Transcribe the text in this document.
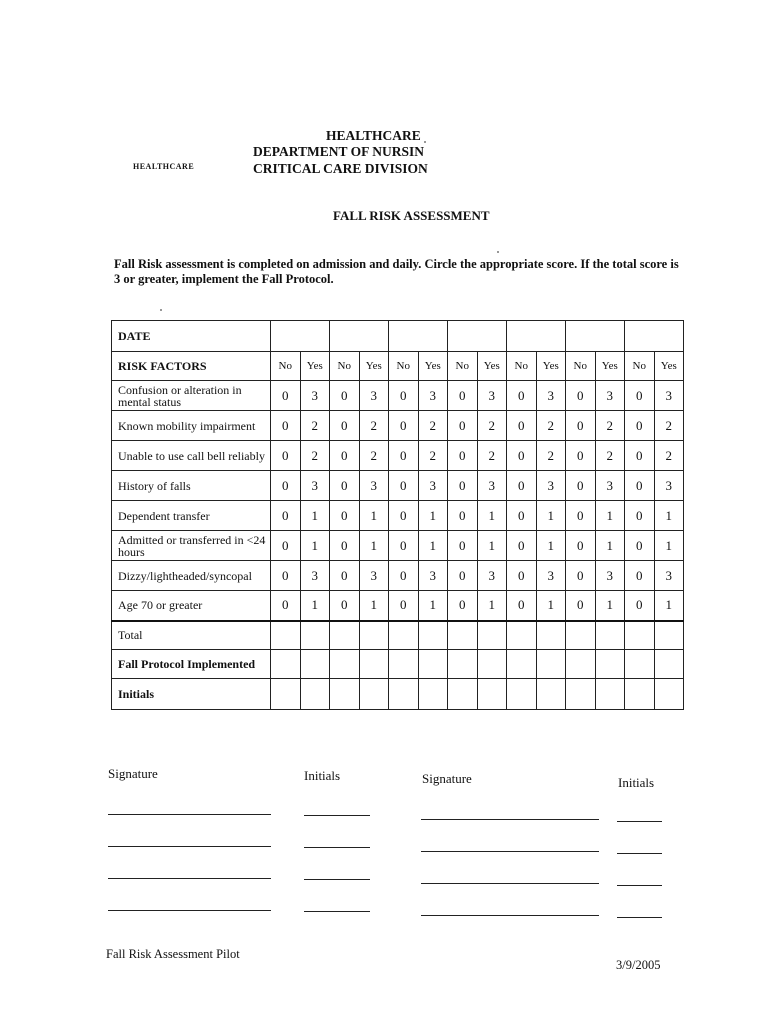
HEALTHCARE
DEPARTMENT OF NURSIN
CRITICAL CARE DIVISION
HEALTHCARE
FALL RISK ASSESSMENT
Fall Risk assessment is completed on admission and daily. Circle the appropriate score. If the total score is 3 or greater, implement the Fall Protocol.
DATE														
RISK FACTORS	No	Yes	No	Yes	No	Yes	No	Yes	No	Yes	No	Yes	No	Yes
Confusion or alteration in mental status	0	3	0	3	0	3	0	3	0	3	0	3	0	3
Known mobility impairment	0	2	0	2	0	2	0	2	0	2	0	2	0	2
Unable to use call bell reliably	0	2	0	2	0	2	0	2	0	2	0	2	0	2
History of falls	0	3	0	3	0	3	0	3	0	3	0	3	0	3
Dependent transfer	0	1	0	1	0	1	0	1	0	1	0	1	0	1
Admitted or transferred in <24 hours	0	1	0	1	0	1	0	1	0	1	0	1	0	1
Dizzy/lightheaded/syncopal	0	3	0	3	0	3	0	3	0	3	0	3	0	3
Age 70 or greater	0	1	0	1	0	1	0	1	0	1	0	1	0	1
Total														
Fall Protocol Implemented														
Initials														
Signature	Initials	Signature	Initials
Fall Risk Assessment Pilot
3/9/2005
